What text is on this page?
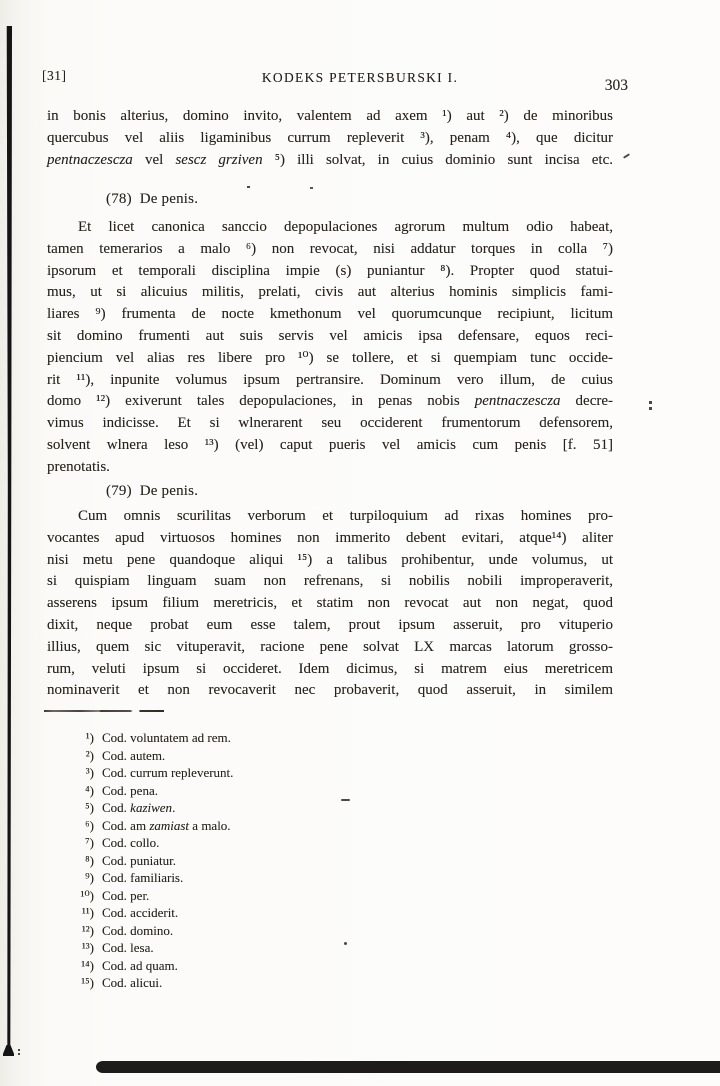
[31]	KODEKS PETERSBURSKI I.	303
in bonis alterius, domino invito, valentem ad axem ¹) aut ²) de minoribus
quercubus vel aliis ligaminibus currum repleverit ³), penam ⁴), que dicitur
pentnaczescza vel sescz grziven ⁵) illi solvat, in cuius dominio sunt incisa etc.
(78)  De penis.
Et licet canonica sanccio depopulaciones agrorum multum odio habeat,
tamen temerarios a malo ⁶) non revocat, nisi addatur torques in colla ⁷)
ipsorum et temporali disciplina impie (s) puniantur ⁸). Propter quod statui-
mus, ut si alicuius militis, prelati, civis aut alterius hominis simplicis fami-
liares ⁹) frumenta de nocte kmethonum vel quorumcunque recipiunt, licitum
sit domino frumenti aut suis servis vel amicis ipsa defensare, equos reci-
piencium vel alias res libere pro ¹⁰) se tollere, et si quempiam tunc occide-
rit ¹¹), inpunite volumus ipsum pertransire. Dominum vero illum, de cuius
domo ¹²) exiverunt tales depopulaciones, in penas nobis pentnaczescza decre-
vimus indicisse. Et si wlnerarent seu occiderent frumentorum defensorem,
solvent wlnera leso ¹³) (vel) caput pueris vel amicis cum penis [f. 51]
prenotatis.
(79)  De penis.
Cum omnis scurilitas verborum et turpiloquium ad rixas homines pro-
vocantes apud virtuosos homines non immerito debent evitari, atque¹⁴) aliter
nisi metu pene quandoque aliqui ¹⁵) a talibus prohibentur, unde volumus, ut
si quispiam linguam suam non refrenans, si nobilis nobili improperaverit,
asserens ipsum filium meretricis, et statim non revocat aut non negat, quod
dixit, neque probat eum esse talem, prout ipsum asseruit, pro vituperio
illius, quem sic vituperavit, racione pene solvat LX marcas latorum grosso-
rum, veluti ipsum si occideret. Idem dicimus, si matrem eius meretricem
nominaverit et non revocaverit nec probaverit, quod asseruit, in similem
¹) Cod. voluntatem ad rem.
²) Cod. autem.
³) Cod. currum repleverunt.
⁴) Cod. pena.
⁵) Cod. kaziwen.
⁶) Cod. am zamiast a malo.
⁷) Cod. collo.
⁸) Cod. puniatur.
⁹) Cod. familiaris.
¹⁰) Cod. per.
¹¹) Cod. acciderit.
¹²) Cod. domino.
¹³) Cod. lesa.
¹⁴) Cod. ad quam.
¹⁵) Cod. alicui.
